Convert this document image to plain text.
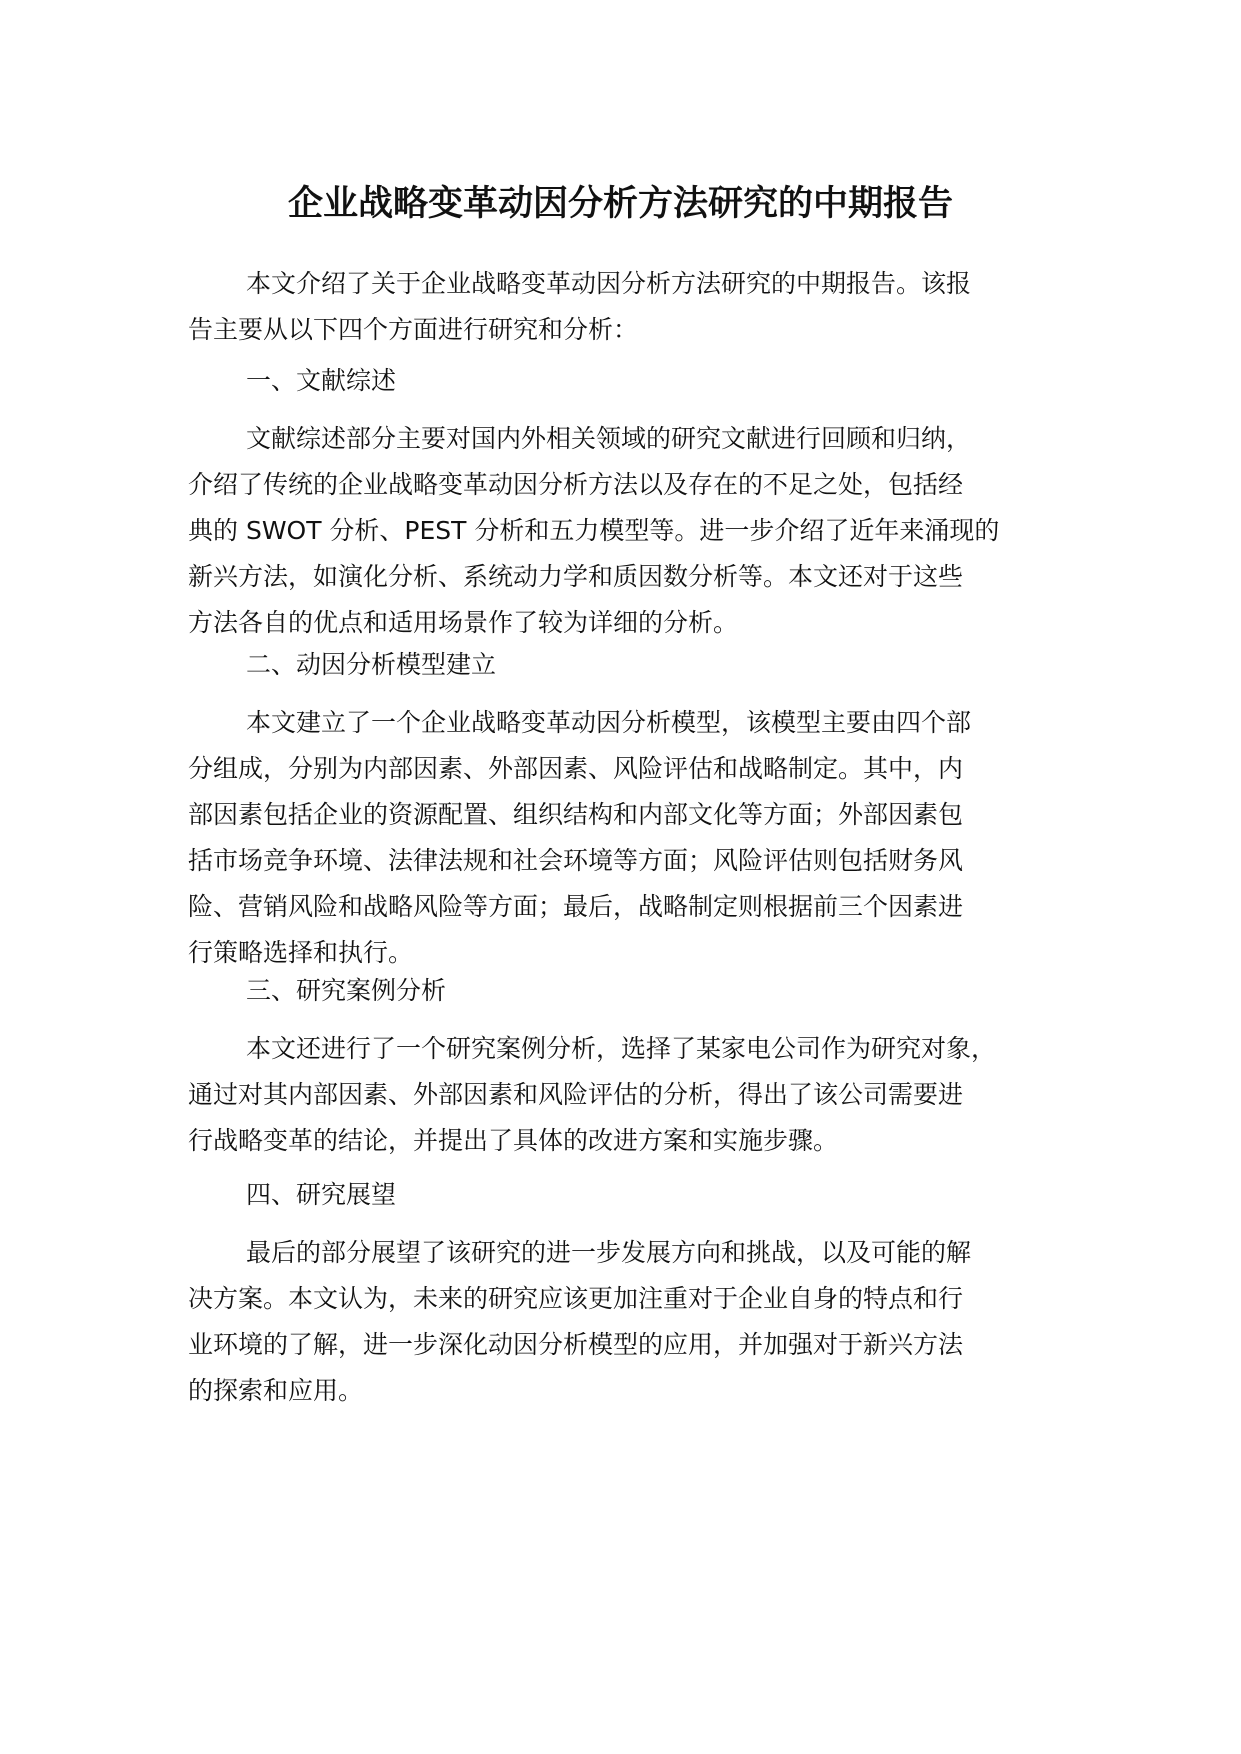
企业战略变革动因分析方法研究的中期报告

本文介绍了关于企业战略变革动因分析方法研究的中期报告。该报
告主要从以下四个方面进行研究和分析：

一、文献综述

文献综述部分主要对国内外相关领域的研究文献进行回顾和归纳，
介绍了传统的企业战略变革动因分析方法以及存在的不足之处，包括经
典的 SWOT 分析、PEST 分析和五力模型等。进一步介绍了近年来涌现的
新兴方法，如演化分析、系统动力学和质因数分析等。本文还对于这些
方法各自的优点和适用场景作了较为详细的分析。

二、动因分析模型建立

本文建立了一个企业战略变革动因分析模型，该模型主要由四个部
分组成，分别为内部因素、外部因素、风险评估和战略制定。其中，内
部因素包括企业的资源配置、组织结构和内部文化等方面；外部因素包
括市场竞争环境、法律法规和社会环境等方面；风险评估则包括财务风
险、营销风险和战略风险等方面；最后，战略制定则根据前三个因素进
行策略选择和执行。

三、研究案例分析

本文还进行了一个研究案例分析，选择了某家电公司作为研究对象，
通过对其内部因素、外部因素和风险评估的分析，得出了该公司需要进
行战略变革的结论，并提出了具体的改进方案和实施步骤。

四、研究展望

最后的部分展望了该研究的进一步发展方向和挑战，以及可能的解
决方案。本文认为，未来的研究应该更加注重对于企业自身的特点和行
业环境的了解，进一步深化动因分析模型的应用，并加强对于新兴方法
的探索和应用。
